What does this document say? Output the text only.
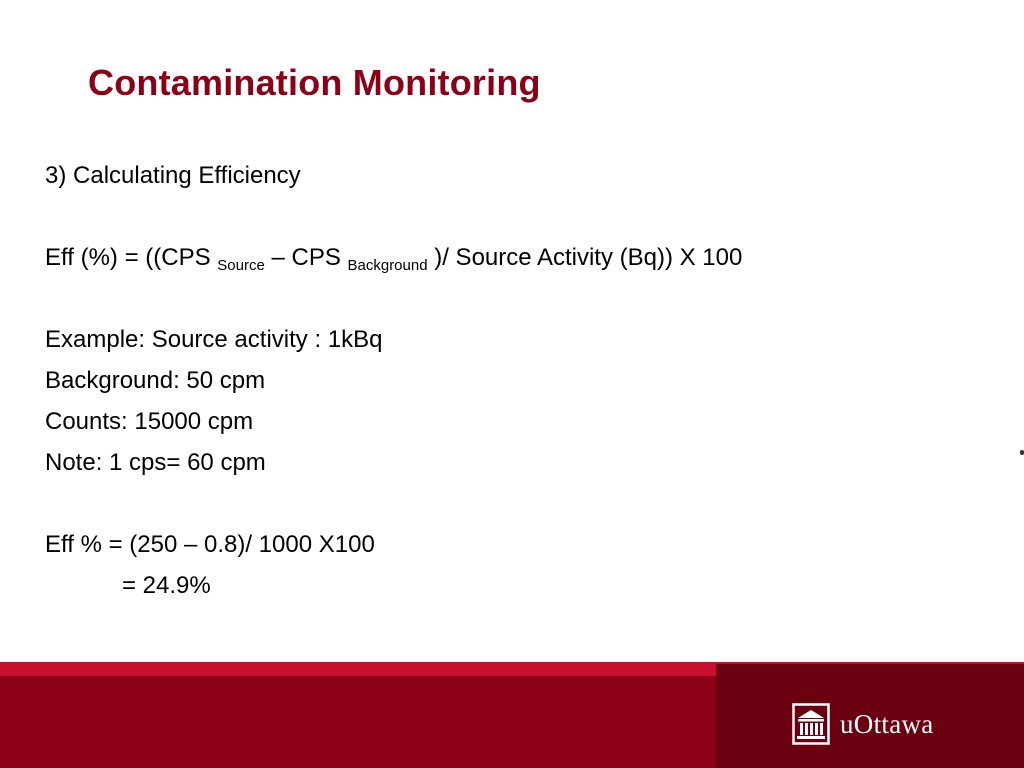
Contamination Monitoring
3) Calculating Efficiency
Eff (%) = ((CPS $_{Source}$ – CPS $_{Background}$ )/ Source Activity (Bq)) X 100
Example: Source activity : 1kBq
Background: 50 cpm
Counts: 15000 cpm
Note: 1 cps= 60 cpm
Eff % = (250 – 0.8)/ 1000 X100
= 24.9%
uOttawa
